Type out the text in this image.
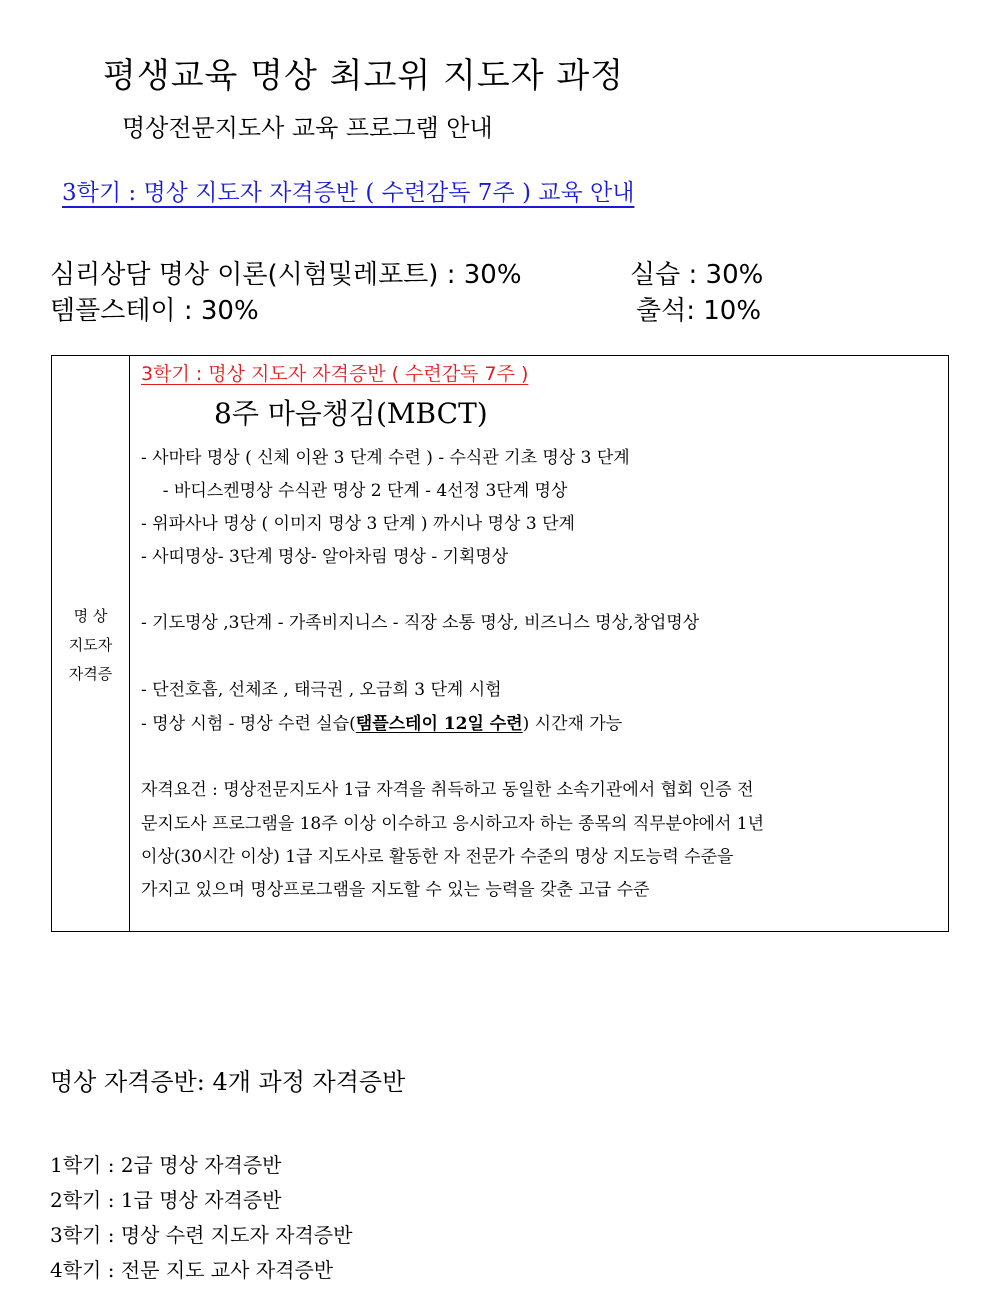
평생교육 명상 최고위 지도자 과정
명상전문지도사 교육 프로그램 안내
3학기 : 명상 지도자 자격증반 ( 수련감독 7주 ) 교육 안내
심리상담 명상 이론(시험및레포트) : 30%	실습 : 30%
템플스테이 : 30%	출석: 10%
명 상
지도자
자격증
3학기 : 명상 지도자 자격증반 ( 수련감독 7주 )
8주 마음챙김(MBCT)
- 사마타 명상 ( 신체 이완 3 단계 수련 ) - 수식관 기초 명상 3 단계
- 바디스켄명상 수식관 명상 2 단계 - 4선정 3단계 명상
- 위파사나 명상 ( 이미지 명상 3 단계 ) 까시나 명상 3 단계
- 사띠명상- 3단계 명상- 알아차림 명상 - 기획명상
- 기도명상 ,3단계 - 가족비지니스 - 직장 소통 명상, 비즈니스 명상,창업명상
- 단전호흡, 선체조 , 태극권 , 오금희 3 단계 시험
- 명상 시험 - 명상 수련 실습(탬플스테이 12일 수련) 시간재 가능
자격요건 : 명상전문지도사 1급 자격을 취득하고 동일한 소속기관에서 협회 인증 전
문지도사 프로그램을 18주 이상 이수하고 응시하고자 하는 종목의 직무분야에서 1년
이상(30시간 이상) 1급 지도사로 활동한 자 전문가 수준의 명상 지도능력 수준을
가지고 있으며 명상프로그램을 지도할 수 있는 능력을 갖춘 고급 수준
명상 자격증반: 4개 과정 자격증반
1학기 : 2급 명상 자격증반
2학기 : 1급 명상 자격증반
3학기 : 명상 수련 지도자 자격증반
4학기 : 전문 지도 교사 자격증반
